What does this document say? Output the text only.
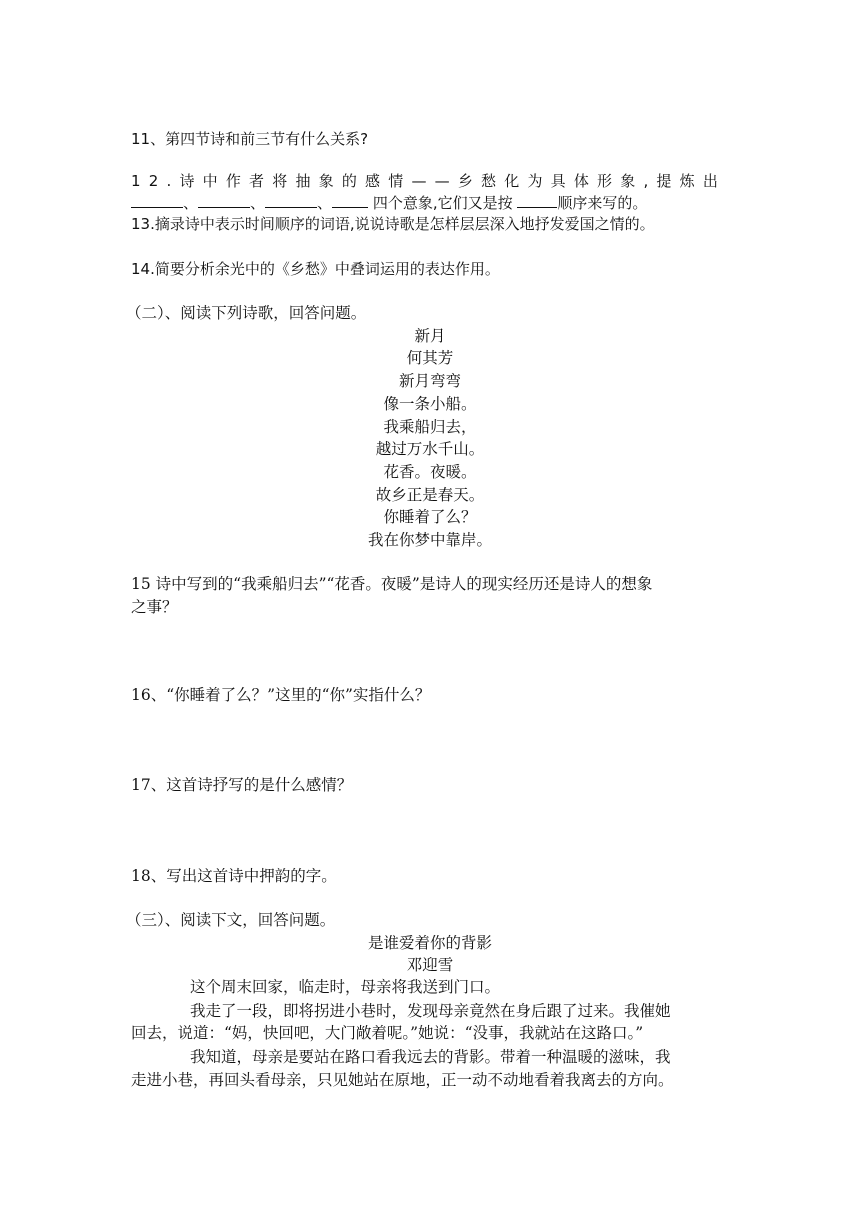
11、第四节诗和前三节有什么关系?
12.诗中作者将抽象的感情——乡愁化为具体形象,提炼出
、	、	、 四个意象,它们又是按	顺序来写的。
13.摘录诗中表示时间顺序的词语,说说诗歌是怎样层层深入地抒发爱国之情的。
14.简要分析余光中的《乡愁》中叠词运用的表达作用。
（二）、阅读下列诗歌，回答问题。
新月
何其芳
新月弯弯
像一条小船。
我乘船归去，
越过万水千山。
花香。夜暖。
故乡正是春天。
你睡着了么？
我在你梦中靠岸。
15 诗中写到的“我乘船归去”“花香。夜暖”是诗人的现实经历还是诗人的想象
之事？
16、“你睡着了么？”这里的“你”实指什么？
17、这首诗抒写的是什么感情？
18、写出这首诗中押韵的字。
（三）、阅读下文，回答问题。
是谁爱着你的背影
邓迎雪
这个周末回家，临走时，母亲将我送到门口。
我走了一段，即将拐进小巷时，发现母亲竟然在身后跟了过来。我催她
回去，说道：“妈，快回吧，大门敞着呢。”她说：“没事，我就站在这路口。”
我知道，母亲是要站在路口看我远去的背影。带着一种温暖的滋味，我
走进小巷，再回头看母亲，只见她站在原地，正一动不动地看着我离去的方向。
